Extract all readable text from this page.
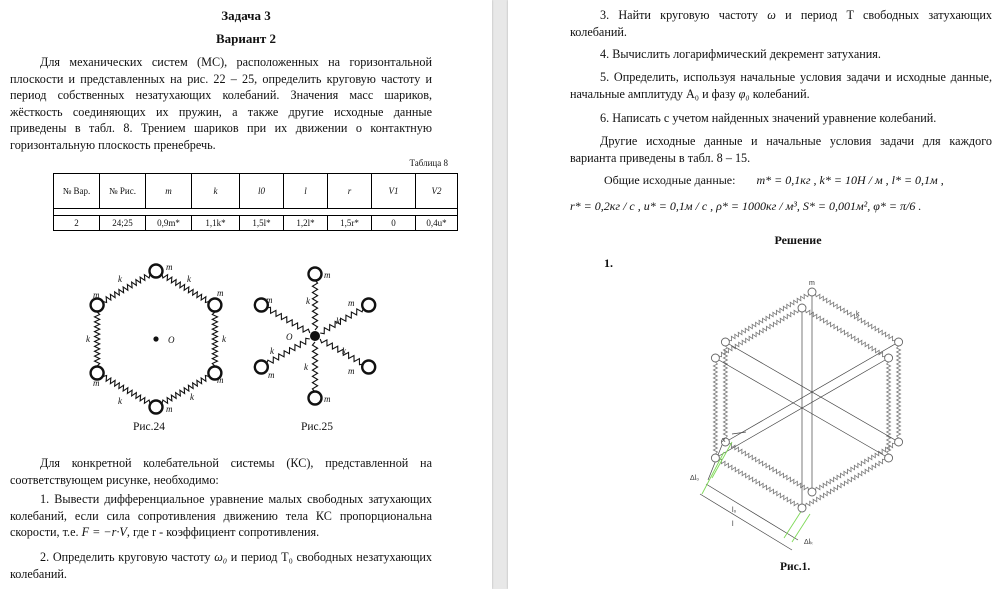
Задача 3
Вариант 2
Для механических систем (МС), расположенных на горизонтальной плоскости и представленных на рис. 22 – 25, определить круговую частоту и период собственных незатухающих колебаний. Значения масс шариков, жёсткость соединяющих их пружин, а также другие исходные данные приведены в табл. 8. Трением шариков при их движении о контактную горизонтальную плоскость пренебречь.
Таблица 8
№ Вар.	№ Рис.	m	k	l0	l	r	V1	V2

2	24;25	0,9m*	1,1k*	1,5l*	1,2l*	1,5r*	0	0,4u*
m
m
m
m
m
m
k	k
k	k
k	k
O
Рис.24
m
m
m	m
m	m
k
k
k	k
k
O
Рис.25
Для конкретной колебательной системы (КС), представленной на соответствующем рисунке, необходимо:
1. Вывести дифференциальное уравнение малых свободных затухающих колебаний, если сила сопротивления движению тела КС пропорциональна скорости, т.е. F = −r·V, где r - коэффициент сопротивления.
2. Определить круговую частоту ω₀ и период T₀ свободных незатухающих колебаний.
3. Найти круговую частоту ω и период T свободных затухающих колебаний.
4. Вычислить логарифмический декремент затухания.
5. Определить, используя начальные условия задачи и исходные данные, начальные амплитуду A₀ и фазу φ₀ колебаний.
6. Написать с учетом найденных значений уравнение колебаний.
Другие исходные данные и начальные условия задачи для каждого варианта приведены в табл. 8 – 15.
Общие исходные данные: m* = 0,1кг , k* = 10Н / м , l* = 0,1м ,
r* = 0,2кг / с , u* = 0,1м / с , ρ* = 1000кг / м³, S* = 0,001м², φ* = π/6 .
Решение
1.
m
k
x
Δl₀
l₀
l
Δlₖ
Рис.1.
